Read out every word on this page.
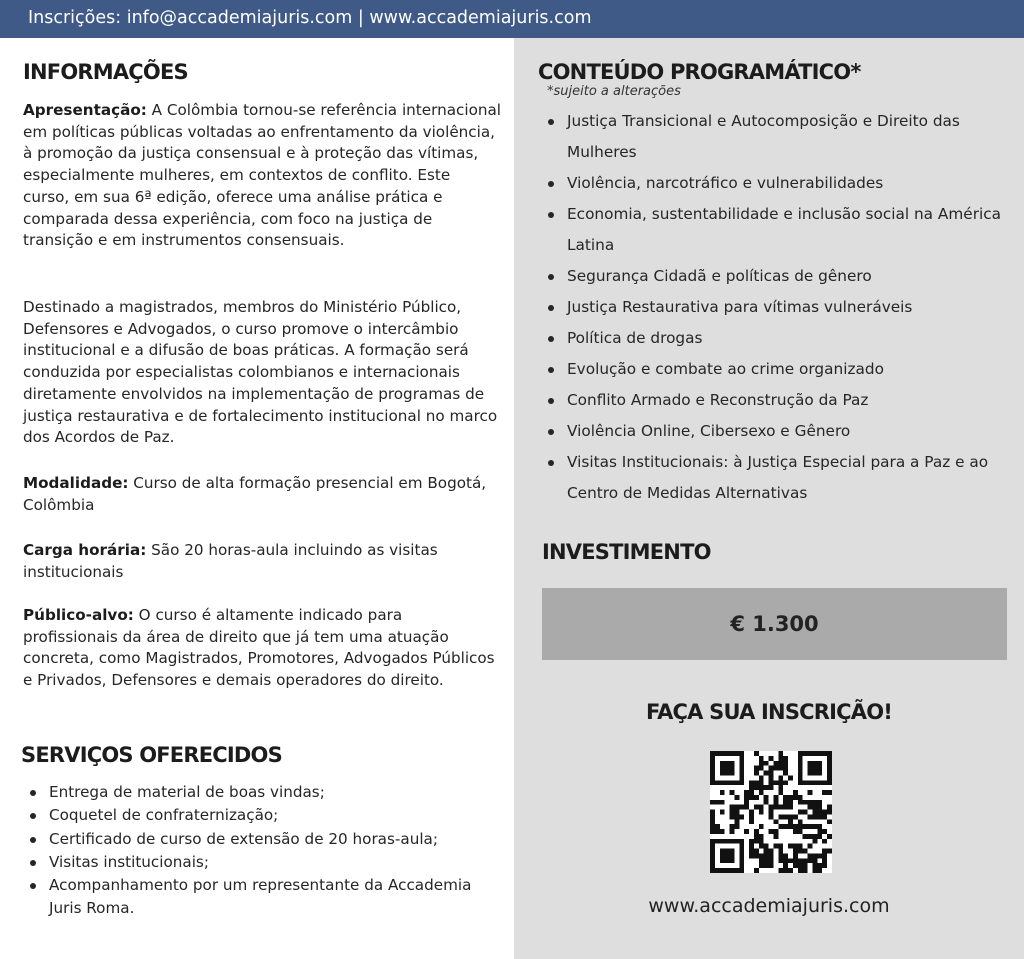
Inscrições: info@accademiajuris.com | www.accademiajuris.com
INFORMAÇÕES

Apresentação: A Colômbia tornou-se referência internacional em políticas públicas voltadas ao enfrentamento da violência, à promoção da justiça consensual e à proteção das vítimas, especialmente mulheres, em contextos de conflito. Este curso, em sua 6ª edição, oferece uma análise prática e comparada dessa experiência, com foco na justiça de transição e em instrumentos consensuais.

Destinado a magistrados, membros do Ministério Público, Defensores e Advogados, o curso promove o intercâmbio institucional e a difusão de boas práticas. A formação será conduzida por especialistas colombianos e internacionais diretamente envolvidos na implementação de programas de justiça restaurativa e de fortalecimento institucional no marco dos Acordos de Paz.

Modalidade: Curso de alta formação presencial em Bogotá, Colômbia

Carga horária: São 20 horas-aula incluindo as visitas institucionais

Público-alvo: O curso é altamente indicado para profissionais da área de direito que já tem uma atuação concreta, como Magistrados, Promotores, Advogados Públicos e Privados, Defensores e demais operadores do direito.

SERVIÇOS OFERECIDOS
Entrega de material de boas vindas;
Coquetel de confraternização;
Certificado de curso de extensão de 20 horas-aula;
Visitas institucionais;
Acompanhamento por um representante da Accademia Juris Roma.
CONTEÚDO PROGRAMÁTICO*
*sujeito a alterações
Justiça Transicional e Autocomposição e Direito das Mulheres
Violência, narcotráfico e vulnerabilidades
Economia, sustentabilidade e inclusão social na América Latina
Segurança Cidadã e políticas de gênero
Justiça Restaurativa para vítimas vulneráveis
Política de drogas
Evolução e combate ao crime organizado
Conflito Armado e Reconstrução da Paz
Violência Online, Cibersexo e Gênero
Visitas Institucionais: à Justiça Especial para a Paz e ao Centro de Medidas Alternativas
INVESTIMENTO
€ 1.300
FAÇA SUA INSCRIÇÃO!
www.accademiajuris.com
